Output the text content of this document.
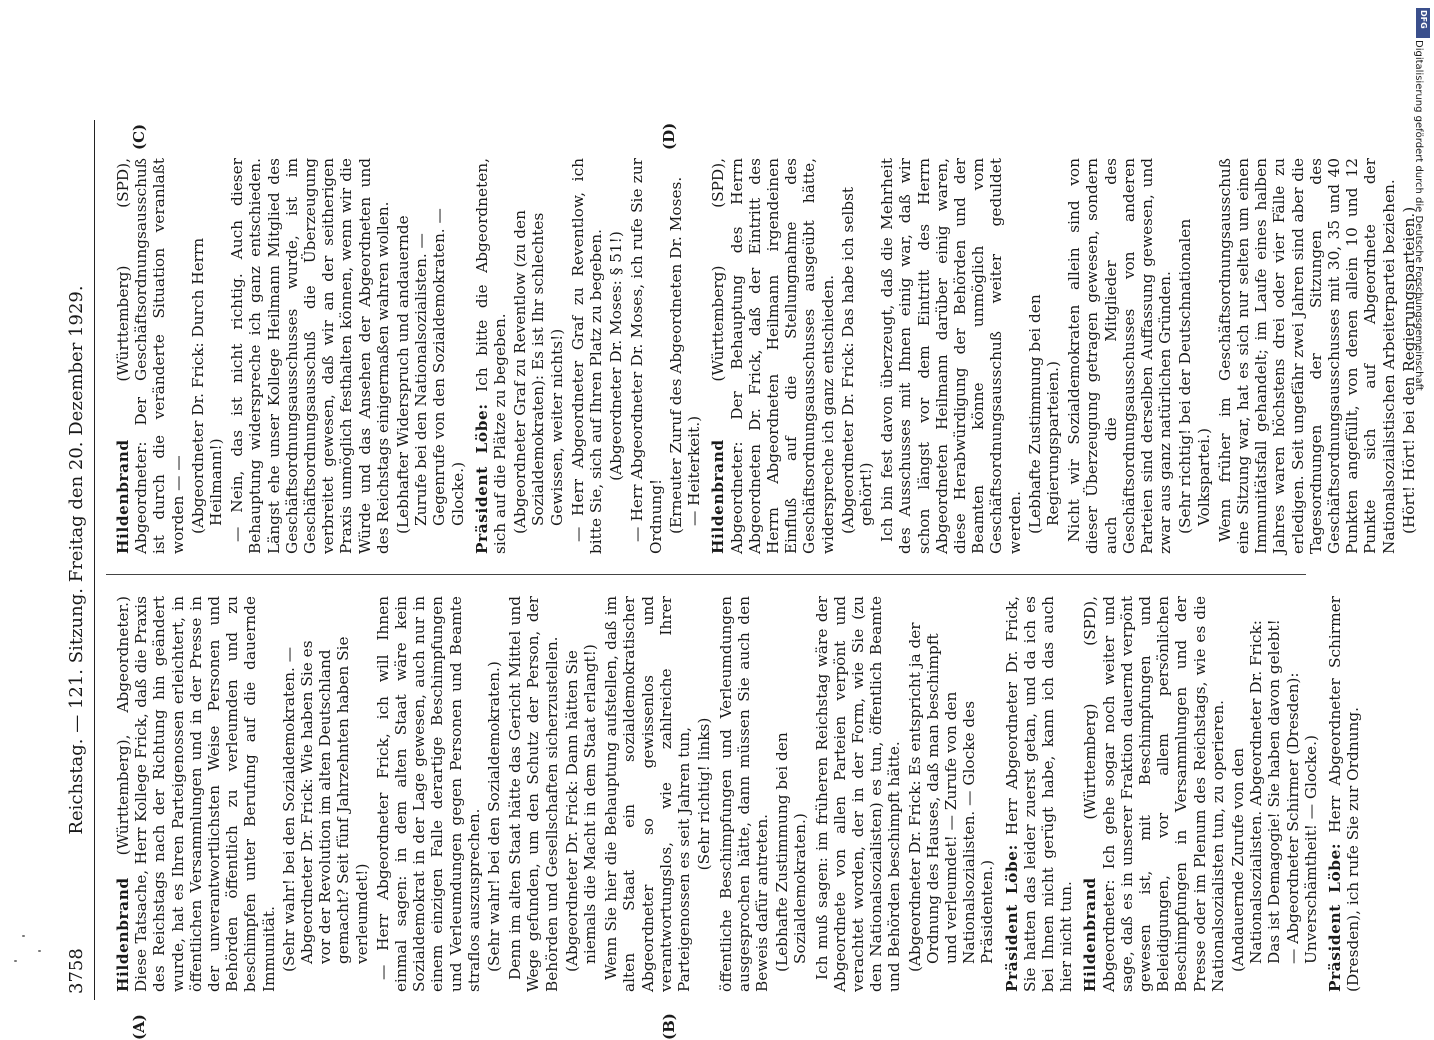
3758
Reichstag. — 121. Sitzung. Freitag den 20. Dezember 1929.
(A)	(B)
(C)	(D)

Hildenbrand (Württemberg), Abgeordneter.) Diese Tatsache, Herr Kollege Frick, daß die Praxis des Reichstags nach der Richtung hin geändert wurde, hat es Ihren Parteigenossen erleichtert, in öffentlichen Versammlungen und in der Presse in der unverantwortlichsten Weise Personen und Behörden öffentlich zu verleumden und zu beschimpfen unter Berufung auf die dauernde Immunität. (Sehr wahr! bei den Sozialdemokraten. — Abgeordneter Dr. Frick: Wie haben Sie es vor der Revolution im alten Deutschland gemacht? Seit fünf Jahrzehnten haben Sie verleumdet!) — Herr Abgeordneter Frick, ich will Ihnen einmal sagen: in dem alten Staat wäre kein Sozialdemokrat in der Lage gewesen, auch nur in einem einzigen Falle derartige Beschimpfungen und Verleumdungen gegen Personen und Beamte straflos auszusprechen. (Sehr wahr! bei den Sozialdemokraten.) Denn im alten Staat hätte das Gericht Mittel und Wege gefunden, um den Schutz der Person, der Behörden und Gesellschaften sicherzustellen. (Abgeordneter Dr. Frick: Dann hätten Sie niemals die Macht in dem Staat erlangt!) Wenn Sie hier die Behauptung aufstellen, daß im alten Staat ein sozialdemokratischer Abgeordneter so gewissenlos und verantwortungslos, wie zahlreiche Ihrer Parteigenossen es seit Jahren tun, (Sehr richtig! links) öffentliche Beschimpfungen und Verleumdungen ausgesprochen hätte, dann müssen Sie auch den Beweis dafür antreten. (Lebhafte Zustimmung bei den Sozialdemokraten.) Ich muß sagen: im früheren Reichstag wäre der Abgeordnete von allen Parteien verpönt und verachtet worden, der in der Form, wie Sie (zu den Nationalsozialisten) es tun, öffentlich Beamte und Behörden beschimpft hätte. (Abgeordneter Dr. Frick: Es entspricht ja der Ordnung des Hauses, daß man beschimpft und verleumdet! — Zurufe von den Nationalsozialisten. — Glocke des Präsidenten.) Präsident Löbe: Herr Abgeordneter Dr. Frick, Sie hatten das leider zuerst getan, und da ich es bei Ihnen nicht gerügt habe, kann ich das auch hier nicht tun. Hildenbrand (Württemberg) (SPD), Abgeordneter: Ich gehe sogar noch weiter und sage, daß es in unserer Fraktion dauernd verpönt gewesen ist, mit Beschimpfungen und Beleidigungen, vor allem persönlichen Beschimpfungen in Versammlungen und der Presse oder im Plenum des Reichstags, wie es die Nationalsozialisten tun, zu operieren. (Andauernde Zurufe von den Nationalsozialisten. Abgeordneter Dr. Frick: Das ist Demagogie! Sie haben davon gelebt! — Abgeordneter Schirmer (Dresden): Unverschämtheit! — Glocke.) Präsident Löbe: Herr Abgeordneter Schirmer (Dresden), ich rufe Sie zur Ordnung.

Hildenbrand (Württemberg) (SPD), Abgeordneter: Der Geschäftsordnungsausschuß ist durch die veränderte Situation veranlaßt worden — — (Abgeordneter Dr. Frick: Durch Herrn Heilmann!) — Nein, das ist nicht richtig. Auch dieser Behauptung widerspreche ich ganz entschieden. Längst ehe unser Kollege Heilmann Mitglied des Geschäftsordnungsausschusses wurde, ist im Geschäftsordnungsausschuß die Überzeugung verbreitet gewesen, daß wir an der seitherigen Praxis unmöglich festhalten können, wenn wir die Würde und das Ansehen der Abgeordneten und des Reichstags einigermaßen wahren wollen. (Lebhafter Widerspruch und andauernde Zurufe bei den Nationalsozialisten. — Gegenrufe von den Sozialdemokraten. — Glocke.) Präsident Löbe: Ich bitte die Abgeordneten, sich auf die Plätze zu begeben. (Abgeordneter Graf zu Reventlow (zu den Sozialdemokraten): Es ist Ihr schlechtes Gewissen, weiter nichts!) — Herr Abgeordneter Graf zu Reventlow, ich bitte Sie, sich auf Ihren Platz zu begeben. (Abgeordneter Dr. Moses: § 51!) — Herr Abgeordneter Dr. Moses, ich rufe Sie zur Ordnung! (Erneuter Zuruf des Abgeordneten Dr. Moses. — Heiterkeit.) Hildenbrand (Württemberg) (SPD), Abgeordneter: Der Behauptung des Herrn Abgeordneten Dr. Frick, daß der Eintritt des Herrn Abgeordneten Heilmann irgendeinen Einfluß auf die Stellungnahme des Geschäftsordnungsausschusses ausgeübt hätte, widerspreche ich ganz entschieden. (Abgeordneter Dr. Frick: Das habe ich selbst gehört!) Ich bin fest davon überzeugt, daß die Mehrheit des Ausschusses mit Ihnen einig war, daß wir schon längst vor dem Eintritt des Herrn Abgeordneten Heilmann darüber einig waren, diese Herabwürdigung der Behörden und der Beamten könne unmöglich vom Geschäftsordnungsausschuß weiter geduldet werden. (Lebhafte Zustimmung bei den Regierungsparteien.) Nicht wir Sozialdemokraten allein sind von dieser Überzeugung getragen gewesen, sondern auch die Mitglieder des Geschäftsordnungsausschusses von anderen Parteien sind derselben Auffassung gewesen, und zwar aus ganz natürlichen Gründen. (Sehr richtig! bei der Deutschnationalen Volkspartei.) Wenn früher im Geschäftsordnungsausschuß eine Sitzung war, hat es sich nur selten um einen Immunitätsfall gehandelt; im Laufe eines halben Jahres waren höchstens drei oder vier Fälle zu erledigen. Seit ungefähr zwei Jahren sind aber die Tagesordnungen der Sitzungen des Geschäftsordnungsausschusses mit 30, 35 und 40 Punkten angefüllt, von denen allein 10 und 12 Punkte sich auf Abgeordnete der Nationalsozialistischen Arbeiterpartei beziehen. (Hört! Hört! bei den Regierungsparteien.)

DFG
Digitalisierung gefördert durch die Deutsche Forschungsgemeinschaft
